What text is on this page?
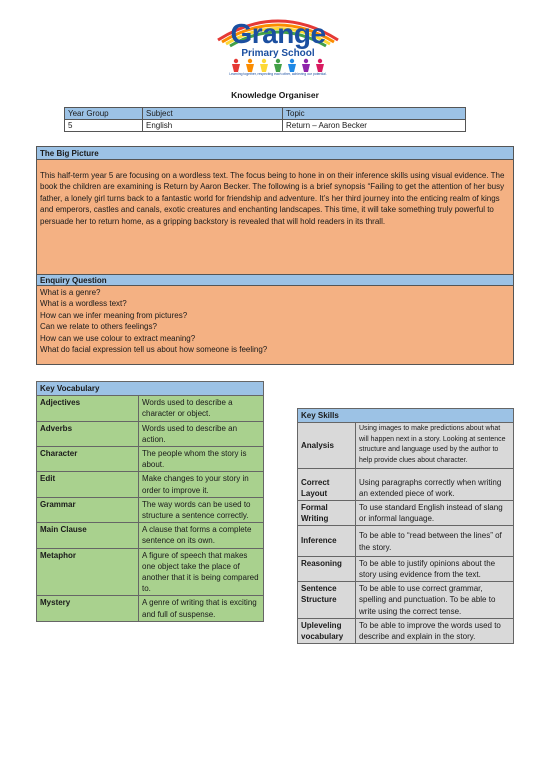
Grange
Primary School
Learning together, respecting each other, achieving our potential.
Knowledge Organiser
Year Group	Subject	Topic
5	English	Return – Aaron Becker
The Big Picture
This half-term year 5 are focusing on a wordless text. The focus being to hone in on their inference skills using visual evidence. The book the children are examining is Return by Aaron Becker. The following is a brief synopsis “Failing to get the attention of her busy father, a lonely girl turns back to a fantastic world for friendship and adventure. It’s her third journey into the enticing realm of kings and emperors, castles and canals, exotic creatures and enchanting landscapes. This time, it will take something truly powerful to persuade her to return home, as a gripping backstory is revealed that will hold readers in its thrall.
Enquiry Question
What is a genre?
What is a wordless text?
How can we infer meaning from pictures?
Can we relate to others feelings?
How can we use colour to extract meaning?
What do facial expression tell us about how someone is feeling?
Key Vocabulary	
Adjectives	Words used to describe a character or object.
Adverbs	Words used to describe an action.
Character	The people whom the story is about.
Edit	Make changes to your story in order to improve it.
Grammar	The way words can be used to structure a sentence correctly.
Main Clause	A clause that forms a complete sentence on its own.
Metaphor	A figure of speech that makes one object take the place of another that it is being compared to.
Mystery	A genre of writing that is exciting and full of suspense.
Key Skills	
Analysis	Using images to make predictions about what will happen next in a story. Looking at sentence structure and language used by the author to help provide clues about character.
Correct Layout	Using paragraphs correctly when writing an extended piece of work.
Formal Writing	To use standard English instead of slang or informal language.
Inference	To be able to “read between the lines” of the story.
Reasoning	To be able to justify opinions about the story using evidence from the text.
Sentence Structure	To be able to use correct grammar, spelling and punctuation. To be able to write using the correct tense.
Upleveling vocabulary	To be able to improve the words used to describe and explain in the story.
